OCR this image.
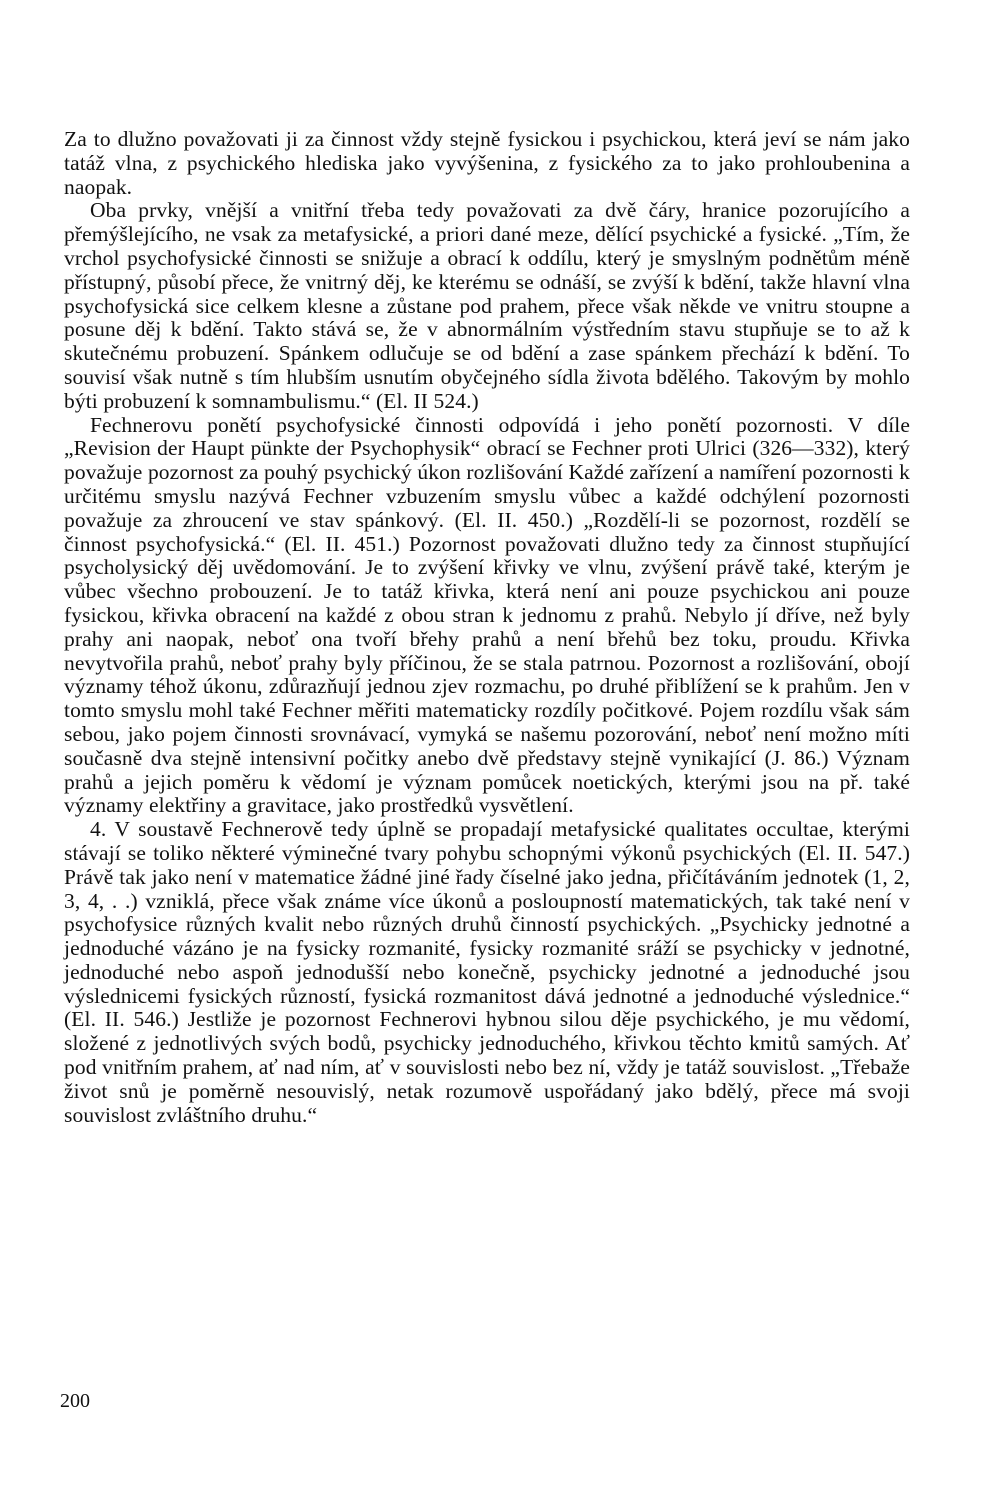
Za to dlužno považovati ji za činnost vždy stejně fysickou i psychickou, která jeví se nám jako tatáž vlna, z psychického hlediska jako vyvýšenina, z fysického za to jako prohloubenina a naopak.

Oba prvky, vnější a vnitřní třeba tedy považovati za dvě čáry, hranice pozorujícího a přemýšlejícího, ne vsak za metafysické, a priori dané meze, dělící psychické a fysické. „Tím, že vrchol psychofysické činnosti se snižuje a obrací k oddílu, který je smyslným podnětům méně přístupný, působí přece, že vnitrný děj, ke kterému se odnáší, se zvýší k bdění, takže hlavní vlna psychofysická sice celkem klesne a zůstane pod prahem, přece však někde ve vnitru stoupne a posune děj k bdění. Takto stává se, že v abnormálním výstředním stavu stupňuje se to až k skutečnému probuzení. Spánkem odlučuje se od bdění a zase spánkem přechází k bdění. To souvisí však nutně s tím hlubším usnutím obyčejného sídla života bdělého. Takovým by mohlo býti probuzení k somnambulismu.“ (El. II 524.)

Fechnerovu ponětí psychofysické činnosti odpovídá i jeho ponětí pozornosti. V díle „Revision der Haupt pünkte der Psychophysik“ obrací se Fechner proti Ulrici (326—332), který považuje pozornost za pouhý psychický úkon rozlišování Každé zařízení a namíření pozornosti k určitému smyslu nazývá Fechner vzbuzením smyslu vůbec a každé odchýlení pozornosti považuje za zhroucení ve stav spánkový. (El. II. 450.) „Rozdělí-li se pozornost, rozdělí se činnost psychofysická.“ (El. II. 451.) Pozornost považovati dlužno tedy za činnost stupňující psycholysický děj uvědomování. Je to zvýšení křivky ve vlnu, zvýšení právě také, kterým je vůbec všechno probouzení. Je to tatáž křivka, která není ani pouze psychickou ani pouze fysickou, křivka obracení na každé z obou stran k jednomu z prahů. Nebylo jí dříve, než byly prahy ani naopak, neboť ona tvoří břehy prahů a není břehů bez toku, proudu. Křivka nevytvořila prahů, neboť prahy byly příčinou, že se stala patrnou. Pozornost a rozlišování, obojí významy téhož úkonu, zdůrazňují jednou zjev rozmachu, po druhé přiblížení se k prahům. Jen v tomto smyslu mohl také Fechner měřiti matematicky rozdíly počitkové. Pojem rozdílu však sám sebou, jako pojem činnosti srovnávací, vymyká se našemu pozorování, neboť není možno míti současně dva stejně intensivní počitky anebo dvě představy stejně vynikající (J. 86.) Význam prahů a jejich poměru k vědomí je význam pomůcek noetických, kterými jsou na př. také významy elektřiny a gravitace, jako prostředků vysvětlení.

4. V soustavě Fechnerově tedy úplně se propadají metafysické qualitates occultae, kterými stávají se toliko některé výminečné tvary pohybu schopnými výkonů psychických (El. II. 547.) Právě tak jako není v matematice žádné jiné řady číselné jako jedna, přičítáváním jednotek (1, 2, 3, 4, . .) vzniklá, přece však známe více úkonů a posloupností matematických, tak také není v psychofysice různých kvalit nebo různých druhů činností psychických. „Psychicky jednotné a jednoduché vázáno je na fysicky rozmanité, fysicky rozmanité sráží se psychicky v jednotné, jednoduché nebo aspoň jednodušší nebo konečně, psychicky jednotné a jednoduché jsou výslednicemi fysických růzností, fysická rozmanitost dává jednotné a jednoduché výslednice.“ (El. II. 546.) Jestliže je pozornost Fechnerovi hybnou silou děje psychického, je mu vědomí, složené z jednotlivých svých bodů, psychicky jednoduchého, křivkou těchto kmitů samých. Ať pod vnitřním prahem, ať nad ním, ať v souvislosti nebo bez ní, vždy je tatáž souvislost. „Třebaže život snů je poměrně nesouvislý, netak rozumově uspořádaný jako bdělý, přece má svoji souvislost zvláštního druhu.“

200
